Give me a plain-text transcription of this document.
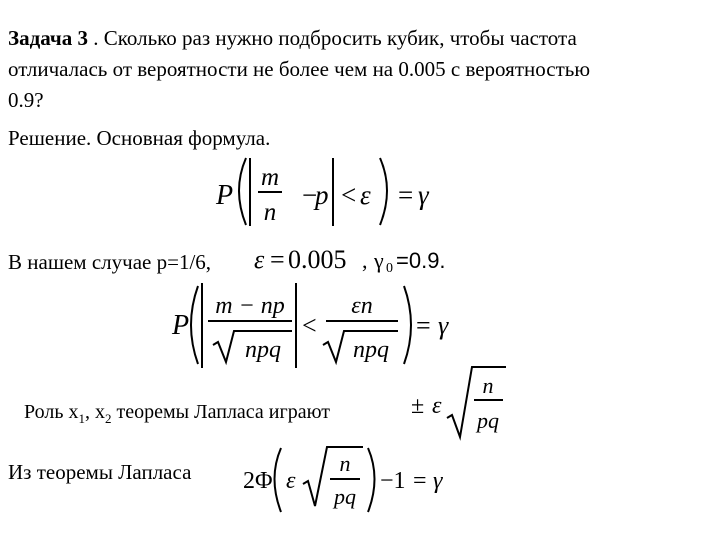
Задача 3 . Сколько раз нужно подбросить кубик, чтобы частота
отличалась от вероятности не более чем на 0.005 с вероятностью
0.9?
Решение. Основная формула.
В нашем случае p=1/6,
Роль $x_1$, $x_2$ теоремы Лапласа играют
Из теоремы Лапласа
P
m
n
−
p < ε = γ
ε = 0.005 , γ 0 =0.9.
P
m − np
npq
<
εn
npq
= γ
± ε
n
pq
2Φ ε
n
pq
−1 = γ
